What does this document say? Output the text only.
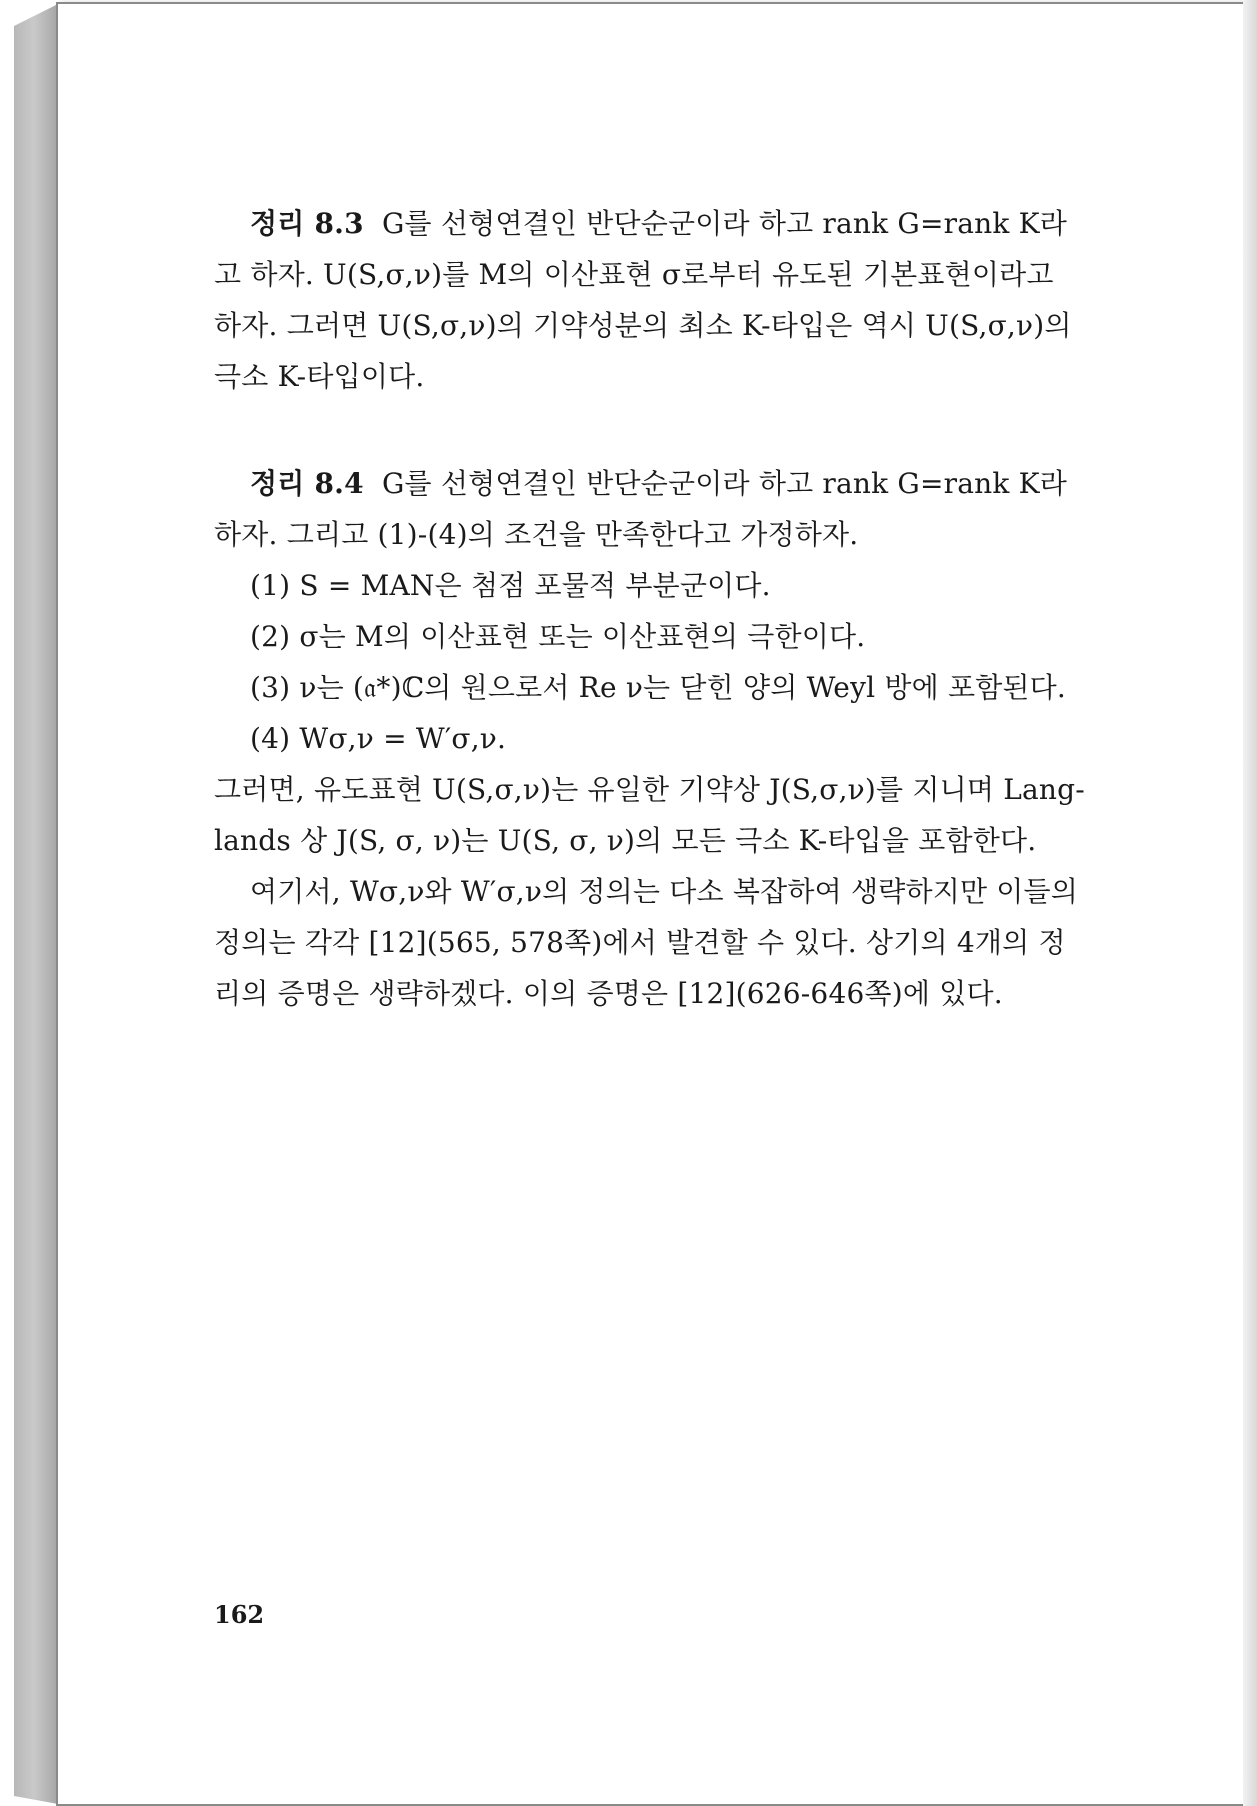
정리 8.3 G를 선형연결인 반단순군이라 하고 rank G=rank K라

고 하자. U(S,σ,ν)를 M의 이산표현 σ로부터 유도된 기본표현이라고

하자. 그러면 U(S,σ,ν)의 기약성분의 최소 K-타입은 역시 U(S,σ,ν)의

극소 K-타입이다.

정리 8.4 G를 선형연결인 반단순군이라 하고 rank G=rank K라

하자. 그리고 (1)-(4)의 조건을 만족한다고 가정하자.

(1) S = MAN은 첨점 포물적 부분군이다.

(2) σ는 M의 이산표현 또는 이산표현의 극한이다.

(3) ν는 (𝔞*)ℂ의 원으로서 Re ν는 닫힌 양의 Weyl 방에 포함된다.

(4) Wσ,ν = W′σ,ν.

그러면, 유도표현 U(S,σ,ν)는 유일한 기약상 J(S,σ,ν)를 지니며 Lang-

lands 상 J(S, σ, ν)는 U(S, σ, ν)의 모든 극소 K-타입을 포함한다.

여기서, Wσ,ν와 W′σ,ν의 정의는 다소 복잡하여 생략하지만 이들의

정의는 각각 [12](565, 578쪽)에서 발견할 수 있다. 상기의 4개의 정

리의 증명은 생략하겠다. 이의 증명은 [12](626-646쪽)에 있다.

162
